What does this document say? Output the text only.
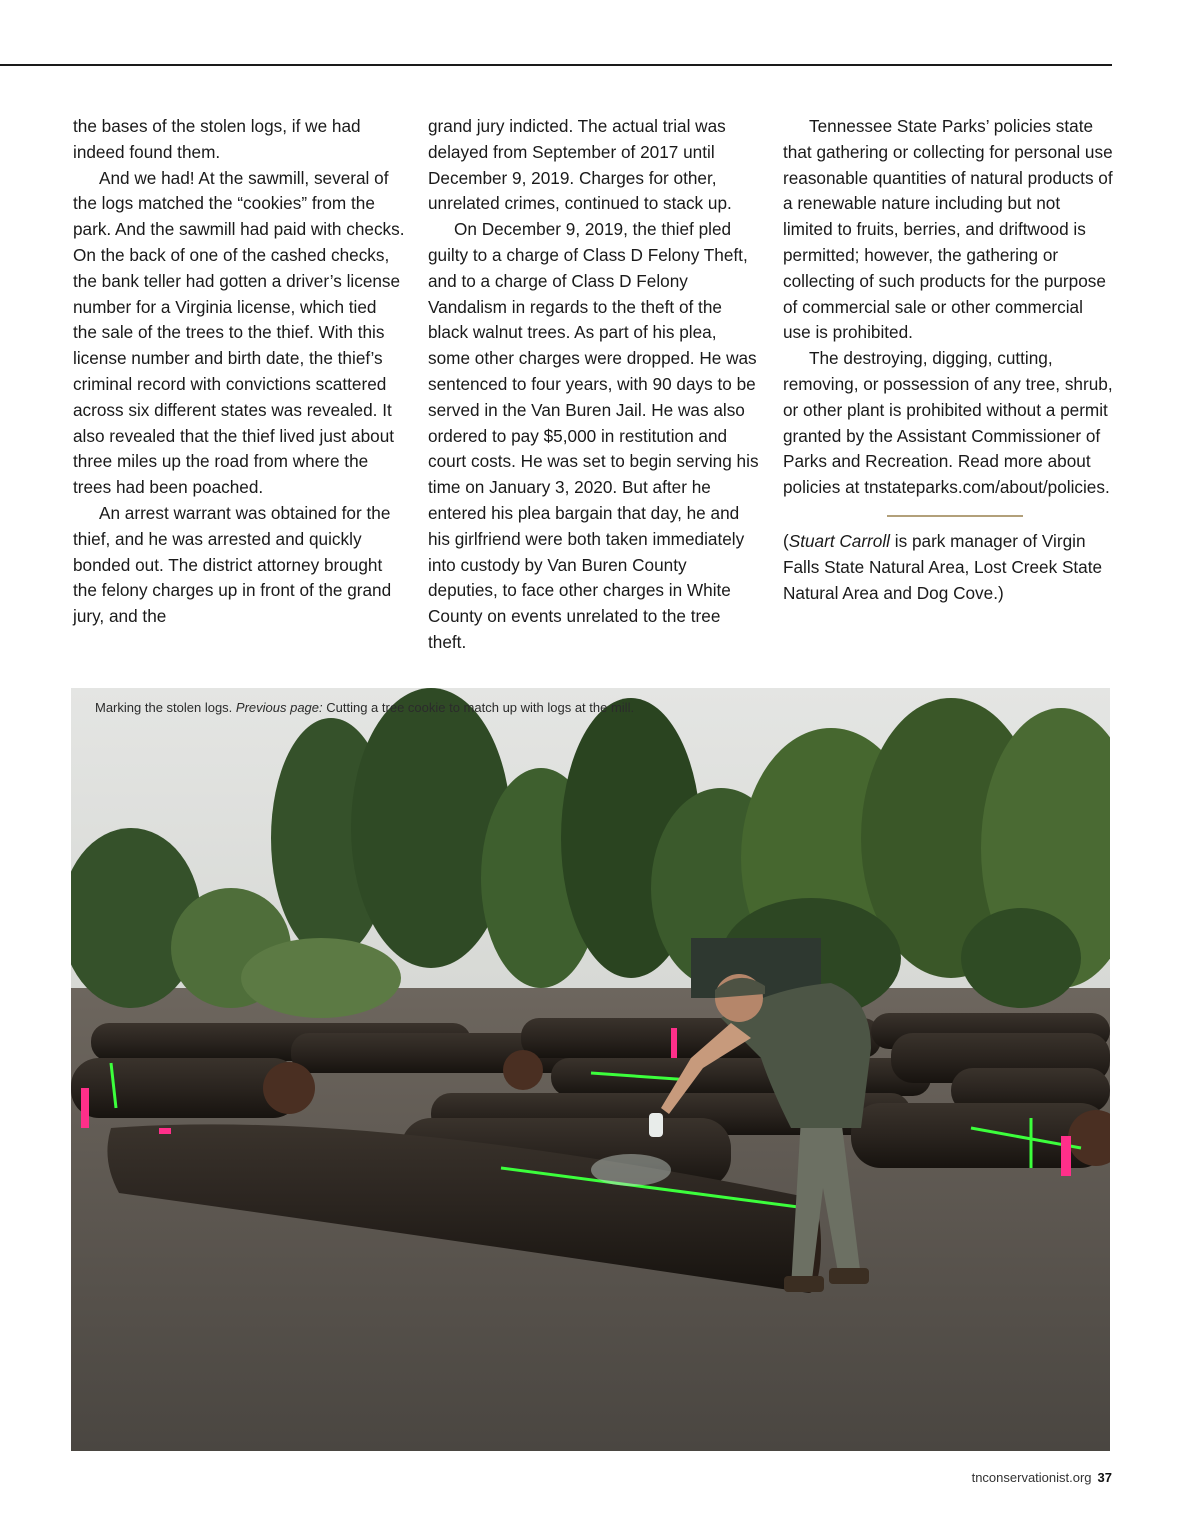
the bases of the stolen logs, if we had indeed found them.

And we had! At the sawmill, several of the logs matched the “cookies” from the park. And the sawmill had paid with checks. On the back of one of the cashed checks, the bank teller had gotten a driver’s license number for a Virginia license, which tied the sale of the trees to the thief. With this license number and birth date, the thief’s criminal record with convictions scattered across six different states was revealed. It also revealed that the thief lived just about three miles up the road from where the trees had been poached.

An arrest warrant was obtained for the thief, and he was arrested and quickly bonded out. The district attorney brought the felony charges up in front of the grand jury, and the

grand jury indicted. The actual trial was delayed from September of 2017 until December 9, 2019. Charges for other, unrelated crimes, continued to stack up.

On December 9, 2019, the thief pled guilty to a charge of Class D Felony Theft, and to a charge of Class D Felony Vandalism in regards to the theft of the black walnut trees. As part of his plea, some other charges were dropped. He was sentenced to four years, with 90 days to be served in the Van Buren Jail. He was also ordered to pay $5,000 in restitution and court costs. He was set to begin serving his time on January 3, 2020. But after he entered his plea bargain that day, he and his girlfriend were both taken immediately into custody by Van Buren County deputies, to face other charges in White County on events unrelated to the tree theft.

Tennessee State Parks’ policies state that gathering or collecting for personal use reasonable quantities of natural products of a renewable nature including but not limited to fruits, berries, and driftwood is permitted; however, the gathering or collecting of such products for the purpose of commercial sale or other commercial use is prohibited.

The destroying, digging, cutting, removing, or possession of any tree, shrub, or other plant is prohibited without a permit granted by the Assistant Commissioner of Parks and Recreation. Read more about policies at tnstateparks.com/about/policies.

(Stuart Carroll is park manager of Virgin Falls State Natural Area, Lost Creek State Natural Area and Dog Cove.)

Marking the stolen logs. Previous page: Cutting a tree cookie to match up with logs at the mill.
tnconservationist.org 37
